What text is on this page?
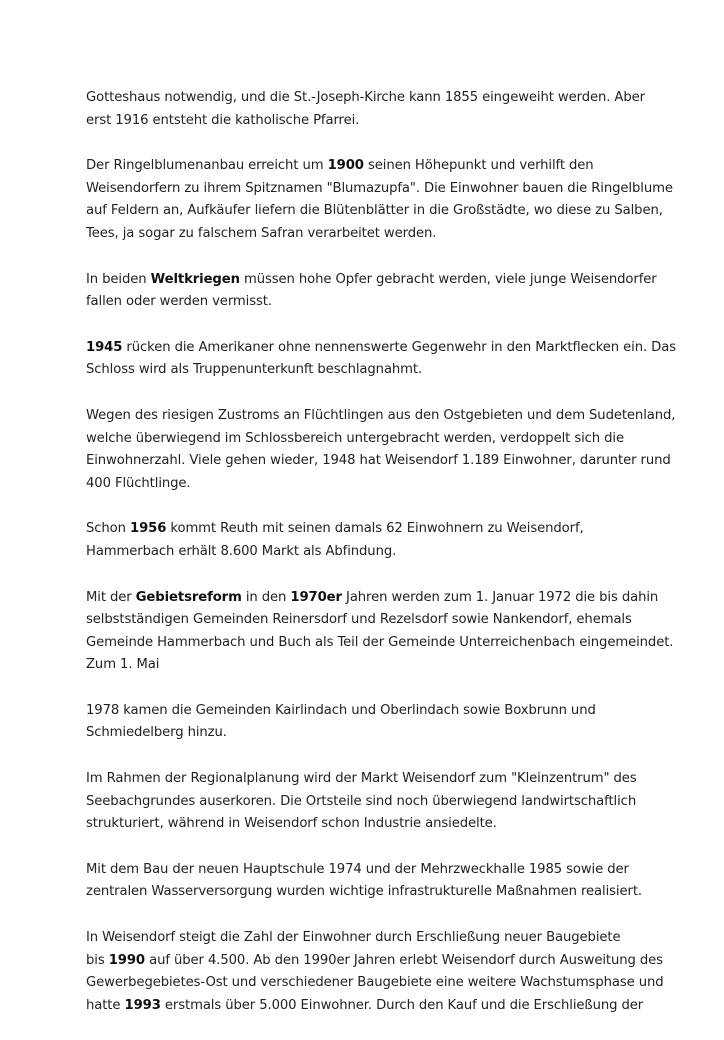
Gotteshaus notwendig, und die St.-Joseph-Kirche kann 1855 eingeweiht werden. Aber
erst 1916 entsteht die katholische Pfarrei.

Der Ringelblumenanbau erreicht um 1900 seinen Höhepunkt und verhilft den
Weisendorfern zu ihrem Spitznamen "Blumazupfa". Die Einwohner bauen die Ringelblume
auf Feldern an, Aufkäufer liefern die Blütenblätter in die Großstädte, wo diese zu Salben,
Tees, ja sogar zu falschem Safran verarbeitet werden.

In beiden Weltkriegen müssen hohe Opfer gebracht werden, viele junge Weisendorfer
fallen oder werden vermisst.

1945 rücken die Amerikaner ohne nennenswerte Gegenwehr in den Marktflecken ein. Das
Schloss wird als Truppenunterkunft beschlagnahmt.

Wegen des riesigen Zustroms an Flüchtlingen aus den Ostgebieten und dem Sudetenland,
welche überwiegend im Schlossbereich untergebracht werden, verdoppelt sich die
Einwohnerzahl. Viele gehen wieder, 1948 hat Weisendorf 1.189 Einwohner, darunter rund
400 Flüchtlinge.

Schon 1956 kommt Reuth mit seinen damals 62 Einwohnern zu Weisendorf,
Hammerbach erhält 8.600 Markt als Abfindung.

Mit der Gebietsreform in den 1970er Jahren werden zum 1. Januar 1972 die bis dahin
selbstständigen Gemeinden Reinersdorf und Rezelsdorf sowie Nankendorf, ehemals
Gemeinde Hammerbach und Buch als Teil der Gemeinde Unterreichenbach eingemeindet.
Zum 1. Mai

1978 kamen die Gemeinden Kairlindach und Oberlindach sowie Boxbrunn und
Schmiedelberg hinzu.

Im Rahmen der Regionalplanung wird der Markt Weisendorf zum "Kleinzentrum" des
Seebachgrundes auserkoren. Die Ortsteile sind noch überwiegend landwirtschaftlich
strukturiert, während in Weisendorf schon Industrie ansiedelte.

Mit dem Bau der neuen Hauptschule 1974 und der Mehrzweckhalle 1985 sowie der
zentralen Wasserversorgung wurden wichtige infrastrukturelle Maßnahmen realisiert.

In Weisendorf steigt die Zahl der Einwohner durch Erschließung neuer Baugebiete
bis 1990 auf über 4.500. Ab den 1990er Jahren erlebt Weisendorf durch Ausweitung des
Gewerbegebietes-Ost und verschiedener Baugebiete eine weitere Wachstumsphase und
hatte 1993 erstmals über 5.000 Einwohner. Durch den Kauf und die Erschließung der
